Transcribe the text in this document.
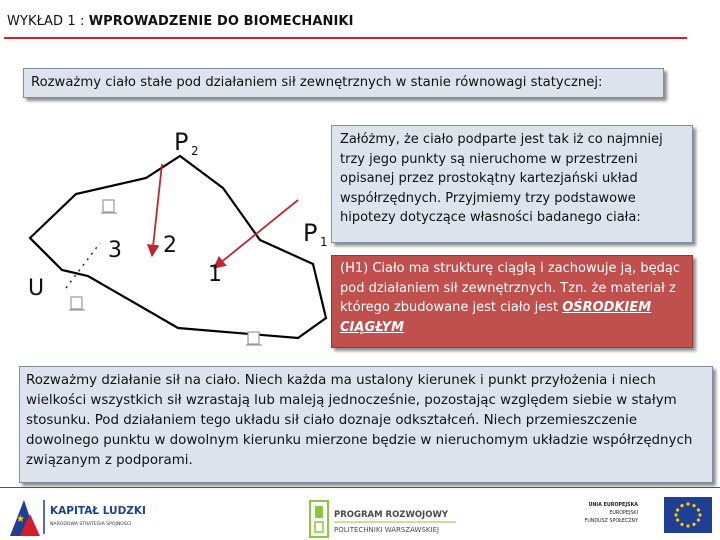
WYKŁAD 1 : WPROWADZENIE DO BIOMECHANIKI
Rozważmy ciało stałe pod działaniem sił zewnętrznych w stanie równowagi statycznej:
P 2
P 1
1
2
3
U
Załóżmy, że ciało podparte jest tak iż co najmniej trzy jego punkty są nieruchome w przestrzeni opisanej przez prostokątny kartezjański układ współrzędnych. Przyjmiemy trzy podstawowe hipotezy dotyczące własności badanego ciała:
(H1) Ciało ma strukturę ciągłą i zachowuje ją, będąc pod działaniem sił zewnętrznych. Tzn. że materiał z którego zbudowane jest ciało jest OŚRODKIEM CIĄGŁYM
Rozważmy działanie sił na ciało. Niech każda ma ustalony kierunek i punkt przyłożenia i niech wielkości wszystkich sił wzrastają lub maleją jednocześnie, pozostając względem siebie w stałym stosunku. Pod działaniem tego układu sił ciało doznaje odkształceń. Niech przemieszczenie dowolnego punktu w dowolnym kierunku mierzone będzie w nieruchomym układzie współrzędnych związanym z podporami.
★
KAPITAŁ LUDZKI
NARODOWA STRATEGIA SPÓJNOŚCI
PROGRAM ROZWOJOWY
POLITECHNIKI WARSZAWSKIEJ
UNIA EUROPEJSKA
EUROPEJSKI
FUNDUSZ SPOŁECZNY
